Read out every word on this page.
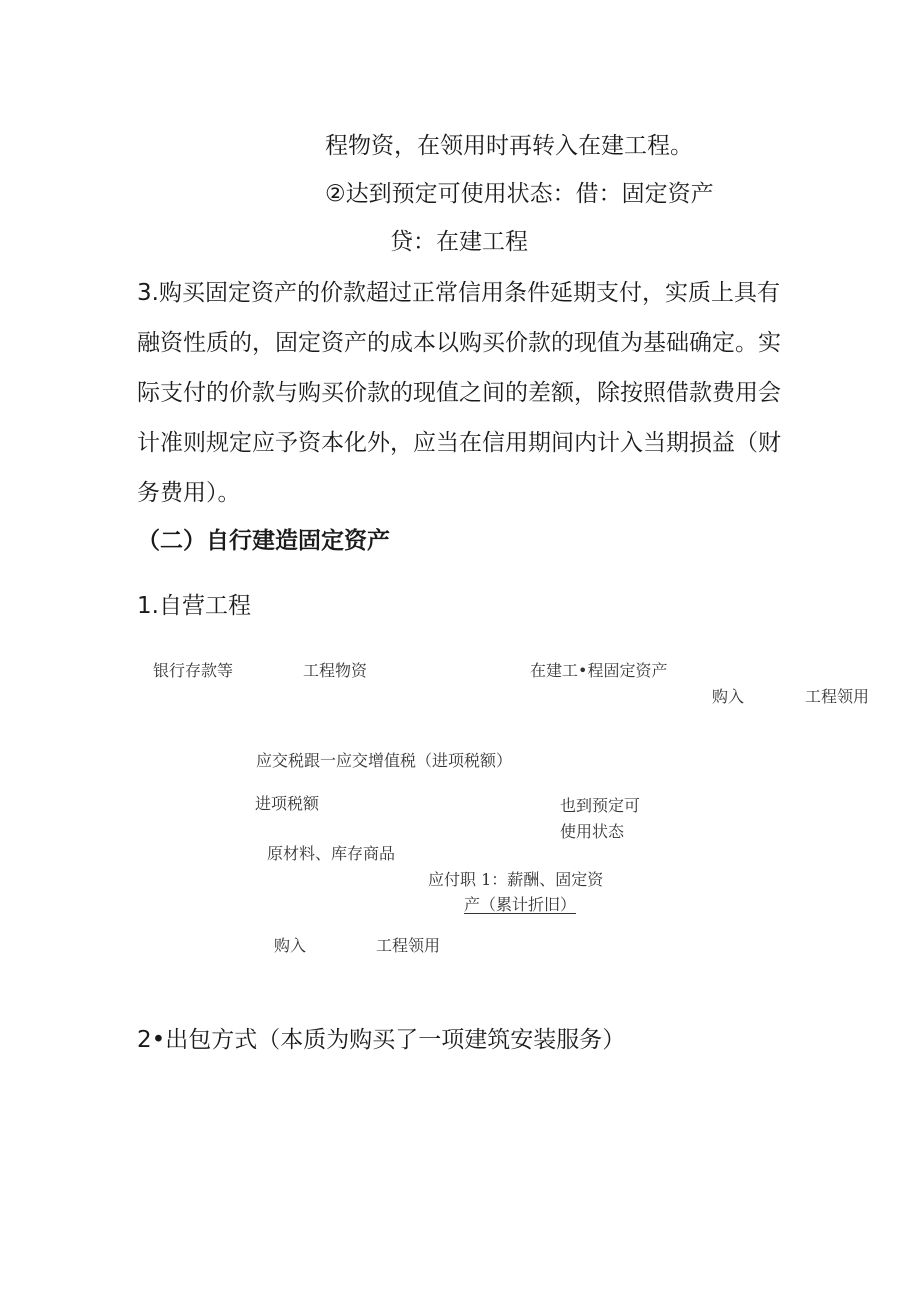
程物资，在领用时再转入在建工程。
②达到预定可使用状态：借：固定资产
贷：在建工程
3.购买固定资产的价款超过正常信用条件延期支付，实质上具有
融资性质的，固定资产的成本以购买价款的现值为基础确定。实
际支付的价款与购买价款的现值之间的差额，除按照借款费用会
计准则规定应予资本化外，应当在信用期间内计入当期损益（财
务费用）。
（二）自行建造固定资产
1.自营工程
银行存款等	工程物资	在建工•程固定资产
购入	工程领用
应交税跟一应交增值税（进项税额）
进项税额	也到预定可
使用状态
原材料、库存商品
应付职 1：薪酬、固定资
产（累计折旧）
购入	工程领用
2•出包方式（本质为购买了一项建筑安装服务）
